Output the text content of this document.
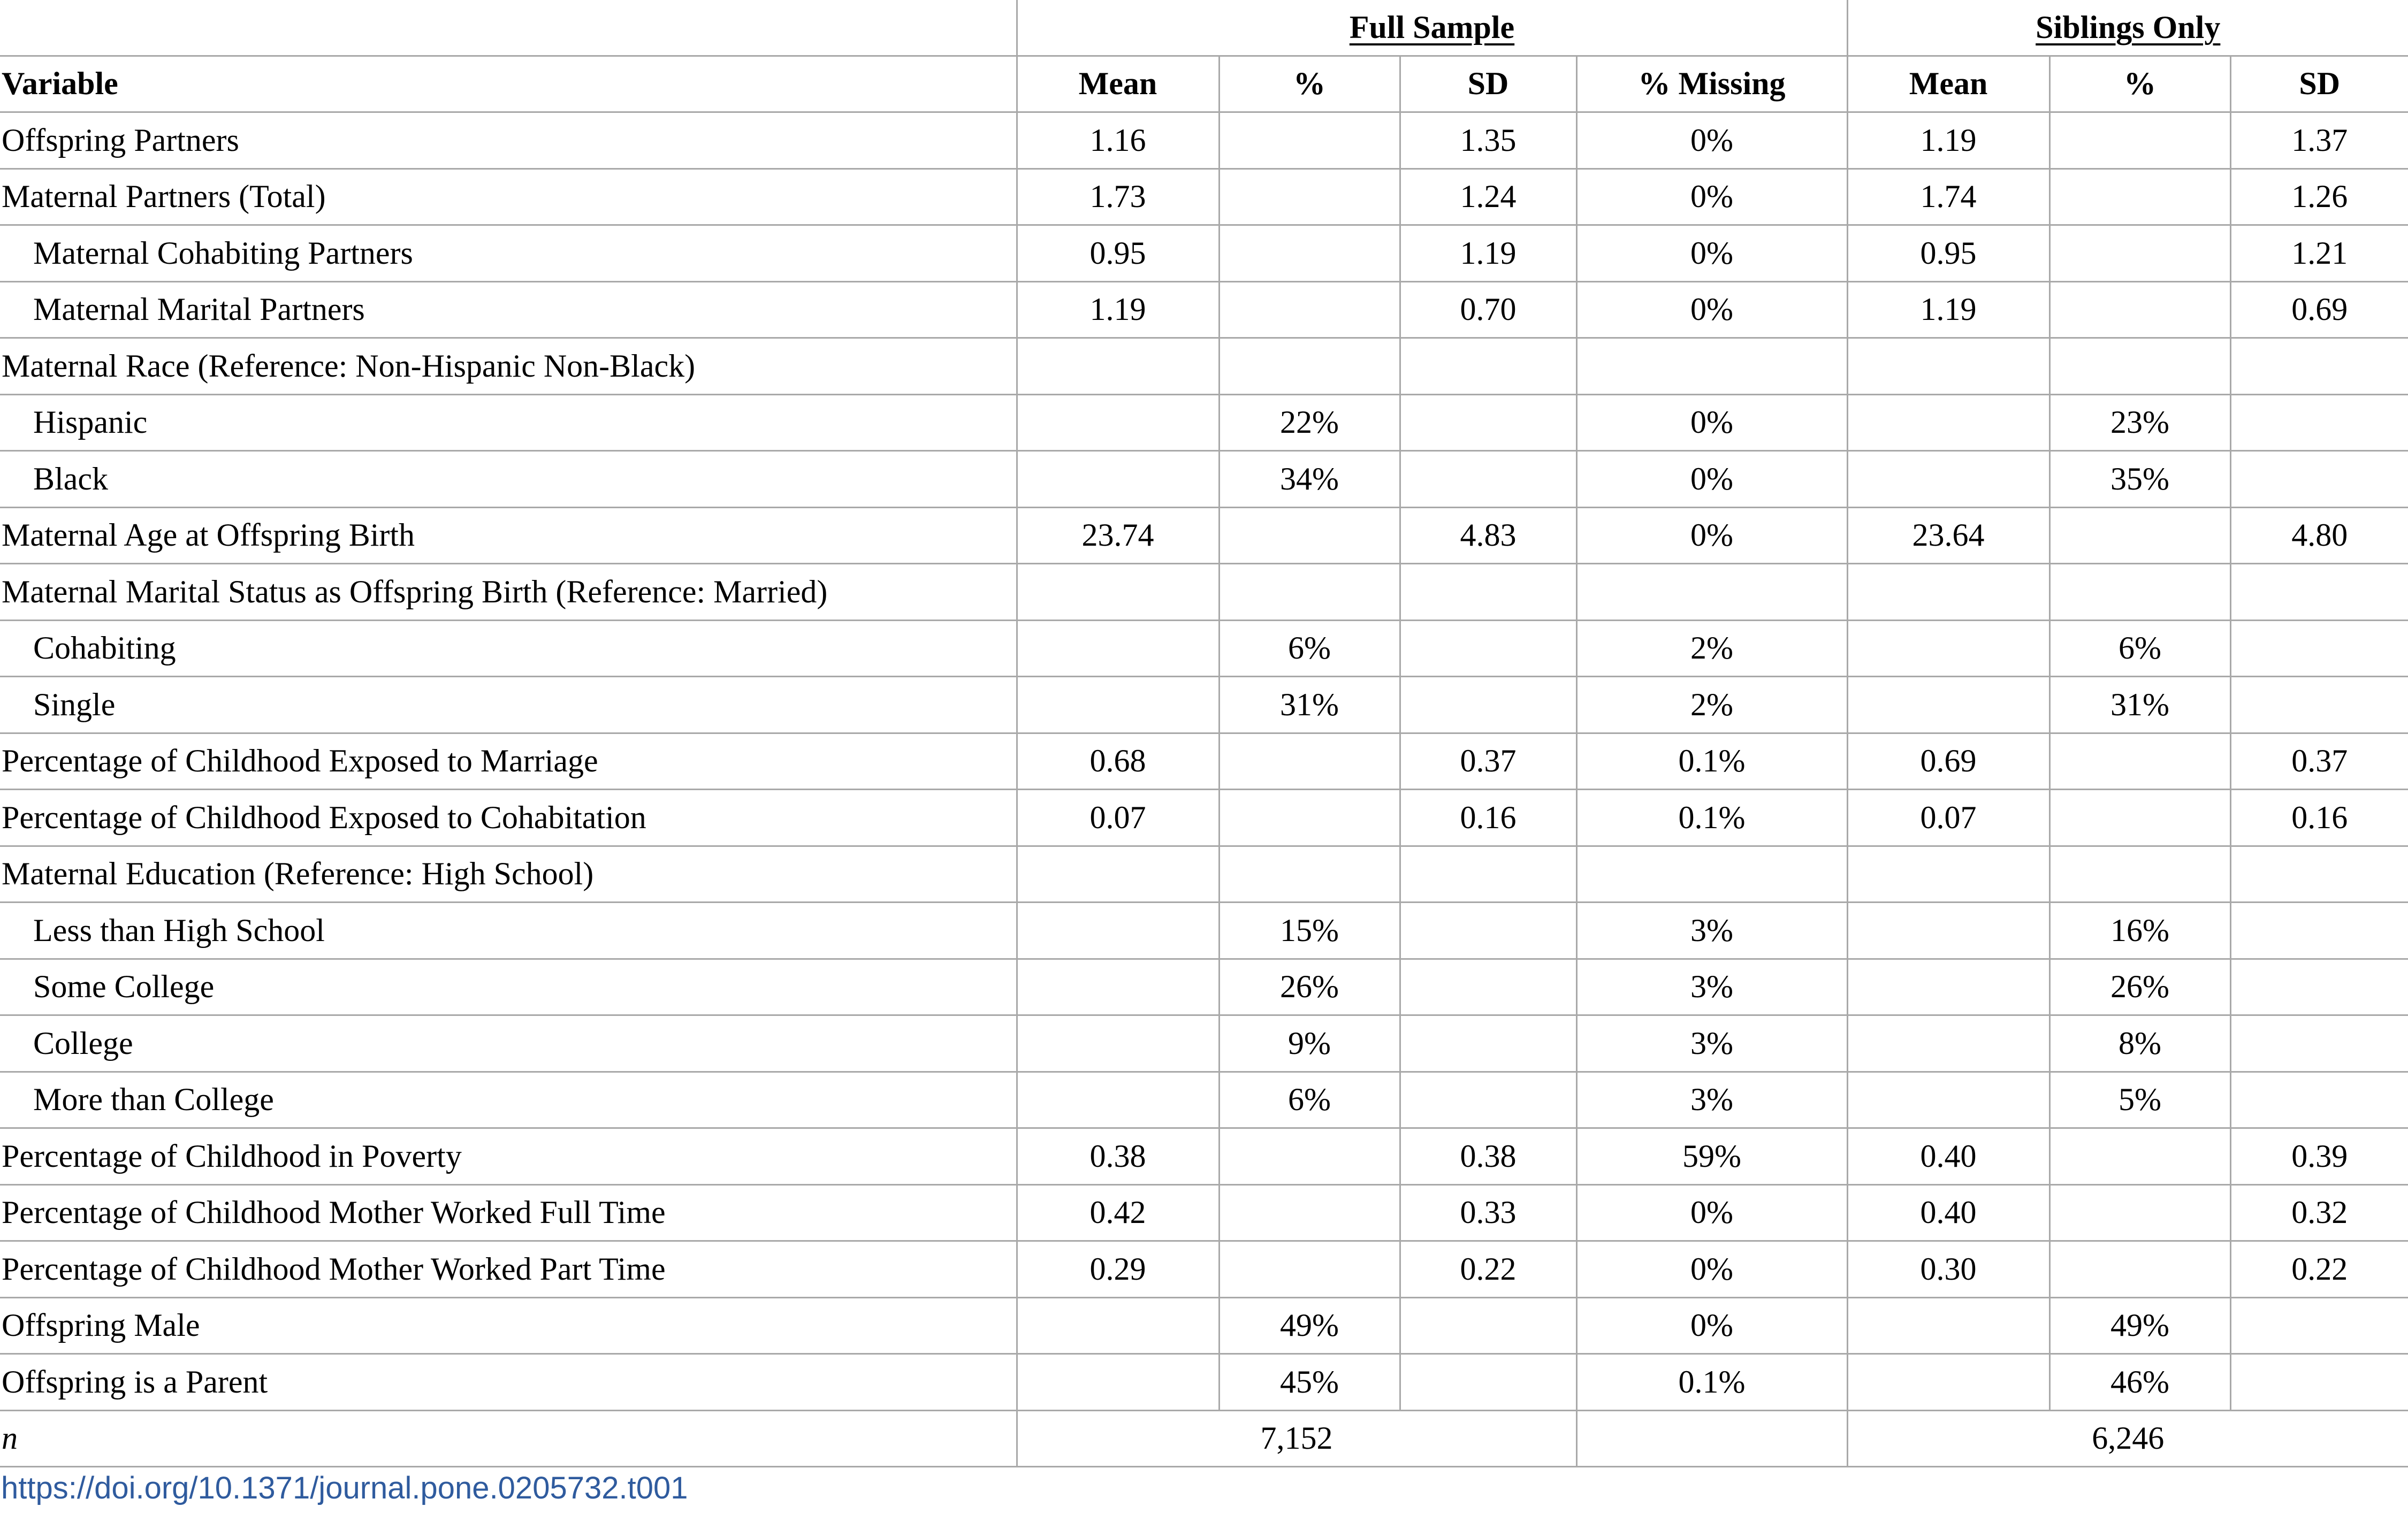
	Full Sample				Siblings Only		
Variable	Mean	%	SD	% Missing	Mean	%	SD
Offspring Partners	1.16		1.35	0%	1.19		1.37
Maternal Partners (Total)	1.73		1.24	0%	1.74		1.26
Maternal Cohabiting Partners	0.95		1.19	0%	0.95		1.21
Maternal Marital Partners	1.19		0.70	0%	1.19		0.69
Maternal Race (Reference: Non-Hispanic Non-Black)							
Hispanic		22%		0%		23%	
Black		34%		0%		35%	
Maternal Age at Offspring Birth	23.74		4.83	0%	23.64		4.80
Maternal Marital Status as Offspring Birth (Reference: Married)							
Cohabiting		6%		2%		6%	
Single		31%		2%		31%	
Percentage of Childhood Exposed to Marriage	0.68		0.37	0.1%	0.69		0.37
Percentage of Childhood Exposed to Cohabitation	0.07		0.16	0.1%	0.07		0.16
Maternal Education (Reference: High School)							
Less than High School		15%		3%		16%	
Some College		26%		3%		26%	
College		9%		3%		8%	
More than College		6%		3%		5%	
Percentage of Childhood in Poverty	0.38		0.38	59%	0.40		0.39
Percentage of Childhood Mother Worked Full Time	0.42		0.33	0%	0.40		0.32
Percentage of Childhood Mother Worked Part Time	0.29		0.22	0%	0.30		0.22
Offspring Male		49%		0%		49%	
Offspring is a Parent		45%		0.1%		46%	
n	7,152				6,246		
https://doi.org/10.1371/journal.pone.0205732.t001
